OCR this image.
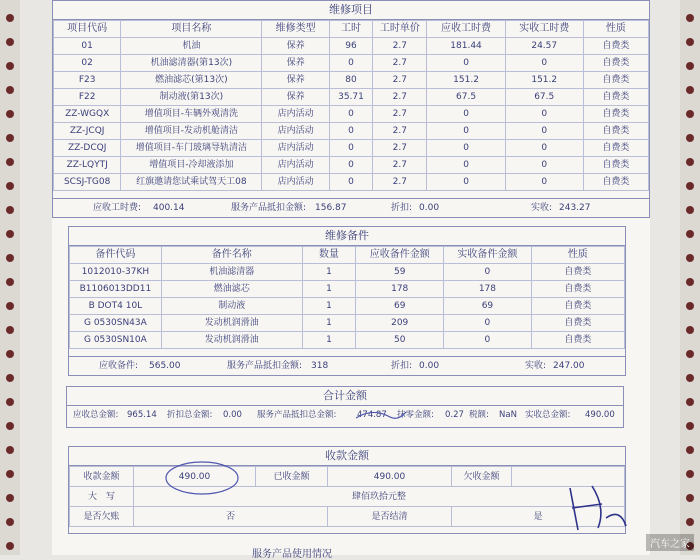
维修项目
项目代码	项目名称	维修类型	工时	工时单价	应收工时费	实收工时费	性质
01	机油	保养	96	2.7	181.44	24.57	自费类
02	机油滤清器(第13次)	保养	0	2.7	0	0	自费类
F23	燃油滤芯(第13次)	保养	80	2.7	151.2	151.2	自费类
F22	制动液(第13次)	保养	35.71	2.7	67.5	67.5	自费类
ZZ-WGQX	增值项目-车辆外观清洗	店内活动	0	2.7	0	0	自费类
ZZ-JCQJ	增值项目-发动机舱清洁	店内活动	0	2.7	0	0	自费类
ZZ-DCQJ	增值项目-车门玻璃导轨清洁	店内活动	0	2.7	0	0	自费类
ZZ-LQYTJ	增值项目-冷却液添加	店内活动	0	2.7	0	0	自费类
SCSJ-TG08	红旗邀请您试乘试驾天工08	店内活动	0	2.7	0	0	自费类
应收工时费: 400.14	服务产品抵扣金额: 156.87	折扣: 0.00	实收: 243.27
维修备件
备件代码	备件名称	数量	应收备件金额	实收备件金额	性质
1012010-37KH	机油滤清器	1	59	0	自费类
B1106013DD11	燃油滤芯	1	178	178	自费类
B DOT4 10L	制动液	1	69	69	自费类
G 0530SN43A	发动机润滑油	1	209	0	自费类
G 0530SN10A	发动机润滑油	1	50	0	自费类
应收备件: 565.00	服务产品抵扣金额: 318	折扣: 0.00	实收: 247.00
合计金额
应收总金额: 965.14 折扣总金额: 0.00 服务产品抵扣总金额: 474.87 抹零金额: 0.27 税额: NaN 实收总金额: 490.00
收款金额
收款金额	490.00	已收金额	490.00	欠收金额	
大　写	肆佰玖拾元整				
是否欠账	否		是否结清	是	
服务产品使用情况
汽车之家
